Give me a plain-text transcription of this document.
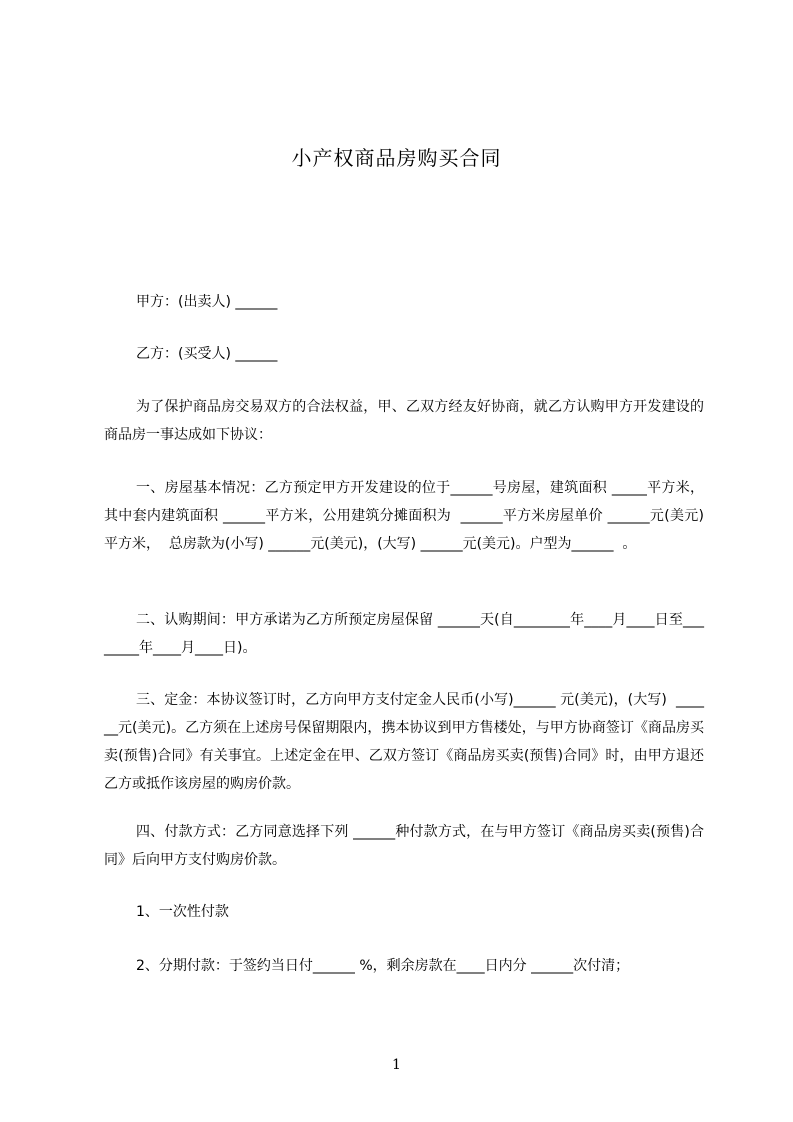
小产权商品房购买合同
甲方：(出卖人) ______
乙方：(买受人) ______
为了保护商品房交易双方的合法权益，甲、乙双方经友好协商，就乙方认购甲方开发建设的商品房一事达成如下协议：
一、房屋基本情况：乙方预定甲方开发建设的位于______号房屋，建筑面积 _____平方米，其中套内建筑面积 ______平方米，公用建筑分摊面积为  ______平方米房屋单价 ______元(美元)平方米，  总房款为(小写) ______元(美元)，(大写) ______元(美元)。户型为______  。
二、认购期间：甲方承诺为乙方所预定房屋保留 ______天(自________年____月____日至________年____月____日)。
三、定金：本协议签订时，乙方向甲方支付定金人民币(小写)______ 元(美元)，(大写)  ______元(美元)。乙方须在上述房号保留期限内，携本协议到甲方售楼处，与甲方协商签订《商品房买卖(预售)合同》有关事宜。上述定金在甲、乙双方签订《商品房买卖(预售)合同》时，由甲方退还乙方或抵作该房屋的购房价款。
四、付款方式：乙方同意选择下列 ______种付款方式，在与甲方签订《商品房买卖(预售)合同》后向甲方支付购房价款。
1、一次性付款
2、分期付款：于签约当日付______ %，剩余房款在____日内分 ______次付清；
1
